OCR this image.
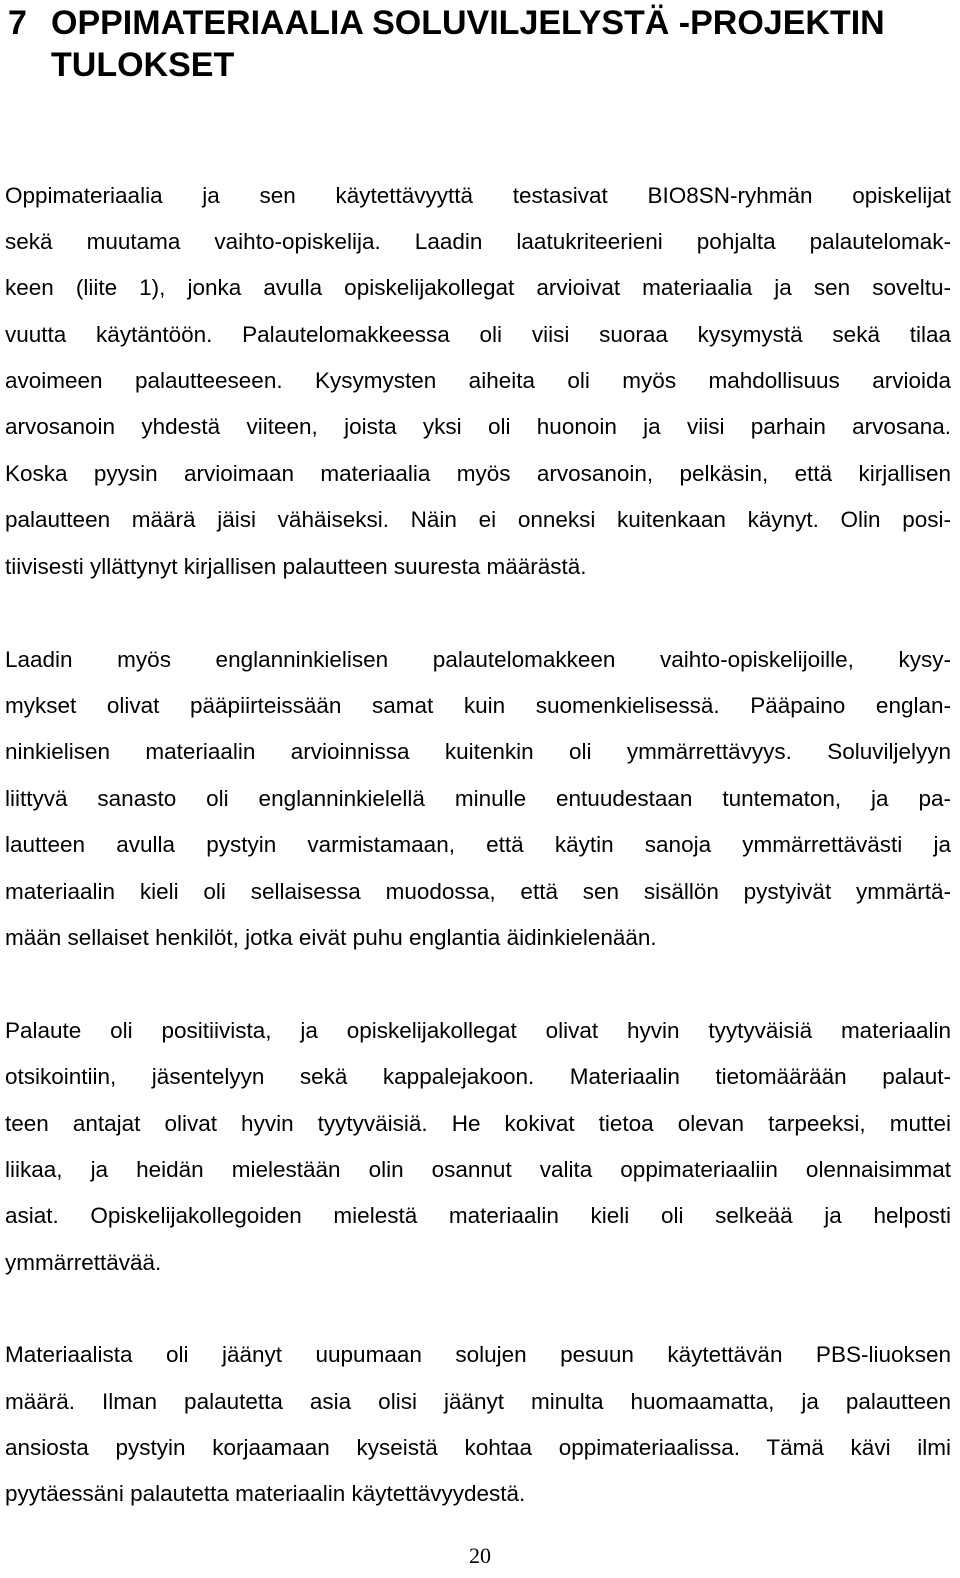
7 OPPIMATERIAALIA SOLUVILJELYSTÄ -PROJEKTIN TULOKSET
Oppimateriaalia ja sen käytettävyyttä testasivat BIO8SN-ryhmän opiskelijat
sekä muutama vaihto-opiskelija. Laadin laatukriteerieni pohjalta palautelomak-
keen (liite 1), jonka avulla opiskelijakollegat arvioivat materiaalia ja sen soveltu-
vuutta käytäntöön. Palautelomakkeessa oli viisi suoraa kysymystä sekä tilaa
avoimeen palautteeseen. Kysymysten aiheita oli myös mahdollisuus arvioida
arvosanoin yhdestä viiteen, joista yksi oli huonoin ja viisi parhain arvosana.
Koska pyysin arvioimaan materiaalia myös arvosanoin, pelkäsin, että kirjallisen
palautteen määrä jäisi vähäiseksi. Näin ei onneksi kuitenkaan käynyt. Olin posi-
tiivisesti yllättynyt kirjallisen palautteen suuresta määrästä.
Laadin myös englanninkielisen palautelomakkeen vaihto-opiskelijoille, kysy-
mykset olivat pääpiirteissään samat kuin suomenkielisessä. Pääpaino englan-
ninkielisen materiaalin arvioinnissa kuitenkin oli ymmärrettävyys. Soluviljelyyn
liittyvä sanasto oli englanninkielellä minulle entuudestaan tuntematon, ja pa-
lautteen avulla pystyin varmistamaan, että käytin sanoja ymmärrettävästi ja
materiaalin kieli oli sellaisessa muodossa, että sen sisällön pystyivät ymmärtä-
mään sellaiset henkilöt, jotka eivät puhu englantia äidinkielenään.
Palaute oli positiivista, ja opiskelijakollegat olivat hyvin tyytyväisiä materiaalin
otsikointiin, jäsentelyyn sekä kappalejakoon. Materiaalin tietomäärään palaut-
teen antajat olivat hyvin tyytyväisiä. He kokivat tietoa olevan tarpeeksi, muttei
liikaa, ja heidän mielestään olin osannut valita oppimateriaaliin olennaisimmat
asiat. Opiskelijakollegoiden mielestä materiaalin kieli oli selkeää ja helposti
ymmärrettävää.
Materiaalista oli jäänyt uupumaan solujen pesuun käytettävän PBS-liuoksen
määrä. Ilman palautetta asia olisi jäänyt minulta huomaamatta, ja palautteen
ansiosta pystyin korjaamaan kyseistä kohtaa oppimateriaalissa. Tämä kävi ilmi
pyytäessäni palautetta materiaalin käytettävyydestä.
20
